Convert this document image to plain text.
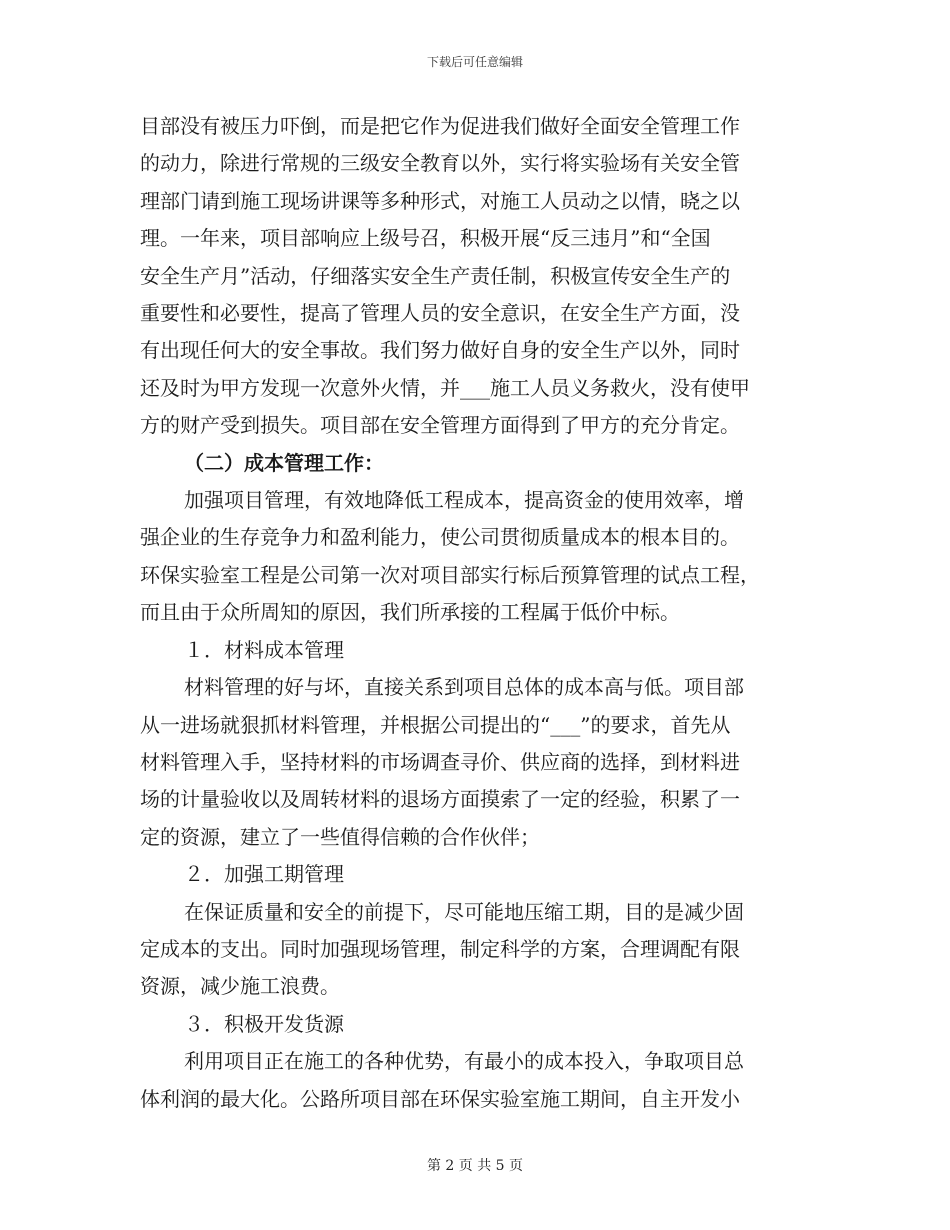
下载后可任意编辑

目部没有被压力吓倒，而是把它作为促进我们做好全面安全管理工作

的动力，除进行常规的三级安全教育以外，实行将实验场有关安全管

理部门请到施工现场讲课等多种形式，对施工人员动之以情，晓之以

理。一年来，项目部响应上级号召，积极开展“反三违月”和“全国

安全生产月”活动，仔细落实安全生产责任制，积极宣传安全生产的

重要性和必要性，提高了管理人员的安全意识，在安全生产方面，没

有出现任何大的安全事故。我们努力做好自身的安全生产以外，同时

还及时为甲方发现一次意外火情，并___施工人员义务救火，没有使甲

方的财产受到损失。项目部在安全管理方面得到了甲方的充分肯定。

（二）成本管理工作：

加强项目管理，有效地降低工程成本，提高资金的使用效率，增

强企业的生存竞争力和盈利能力，使公司贯彻质量成本的根本目的。

环保实验室工程是公司第一次对项目部实行标后预算管理的试点工程，

而且由于众所周知的原因，我们所承接的工程属于低价中标。

１．材料成本管理

材料管理的好与坏，直接关系到项目总体的成本高与低。项目部

从一进场就狠抓材料管理，并根据公司提出的“___”的要求，首先从

材料管理入手，坚持材料的市场调查寻价、供应商的选择，到材料进

场的计量验收以及周转材料的退场方面摸索了一定的经验，积累了一

定的资源，建立了一些值得信赖的合作伙伴；

２．加强工期管理

在保证质量和安全的前提下，尽可能地压缩工期，目的是减少固

定成本的支出。同时加强现场管理，制定科学的方案，合理调配有限

资源，减少施工浪费。

３．积极开发货源

利用项目正在施工的各种优势，有最小的成本投入，争取项目总

体利润的最大化。公路所项目部在环保实验室施工期间，自主开发小

第 2 页 共 5 页
